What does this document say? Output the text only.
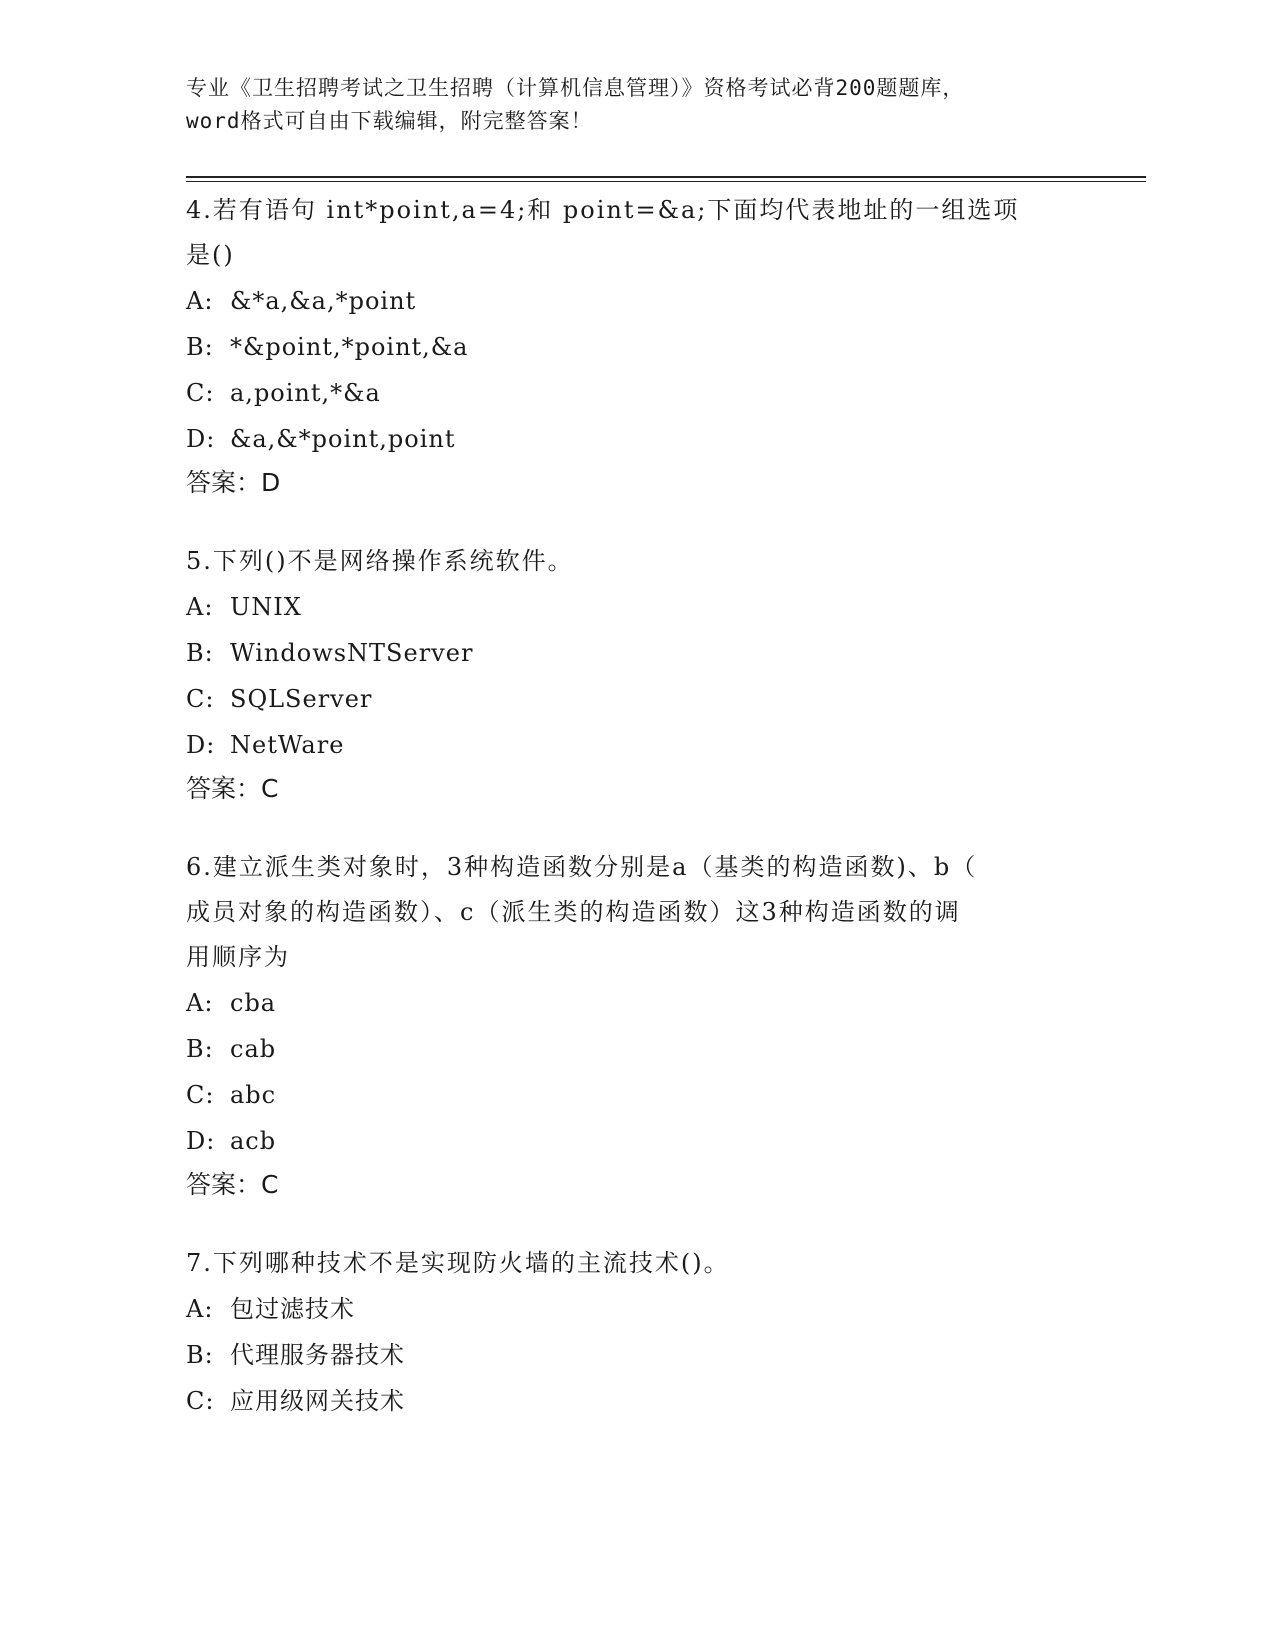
专业《卫生招聘考试之卫生招聘（计算机信息管理）》资格考试必背200题题库，
word格式可自由下载编辑，附完整答案！
4.若有语句 int*point,a=4;和 point=&a;下面均代表地址的一组选项
是()
A: &*a,&a,*point
B: *&point,*point,&a
C: a,point,*&a
D: &a,&*point,point
答案：D
5.下列()不是网络操作系统软件。
A: UNIX
B: WindowsNTServer
C: SQLServer
D: NetWare
答案：C
6.建立派生类对象时，3种构造函数分别是a（基类的构造函数)、b（
成员对象的构造函数）、c（派生类的构造函数）这3种构造函数的调
用顺序为
A: cba
B: cab
C: abc
D: acb
答案：C
7.下列哪种技术不是实现防火墙的主流技术()。
A: 包过滤技术
B: 代理服务器技术
C: 应用级网关技术
